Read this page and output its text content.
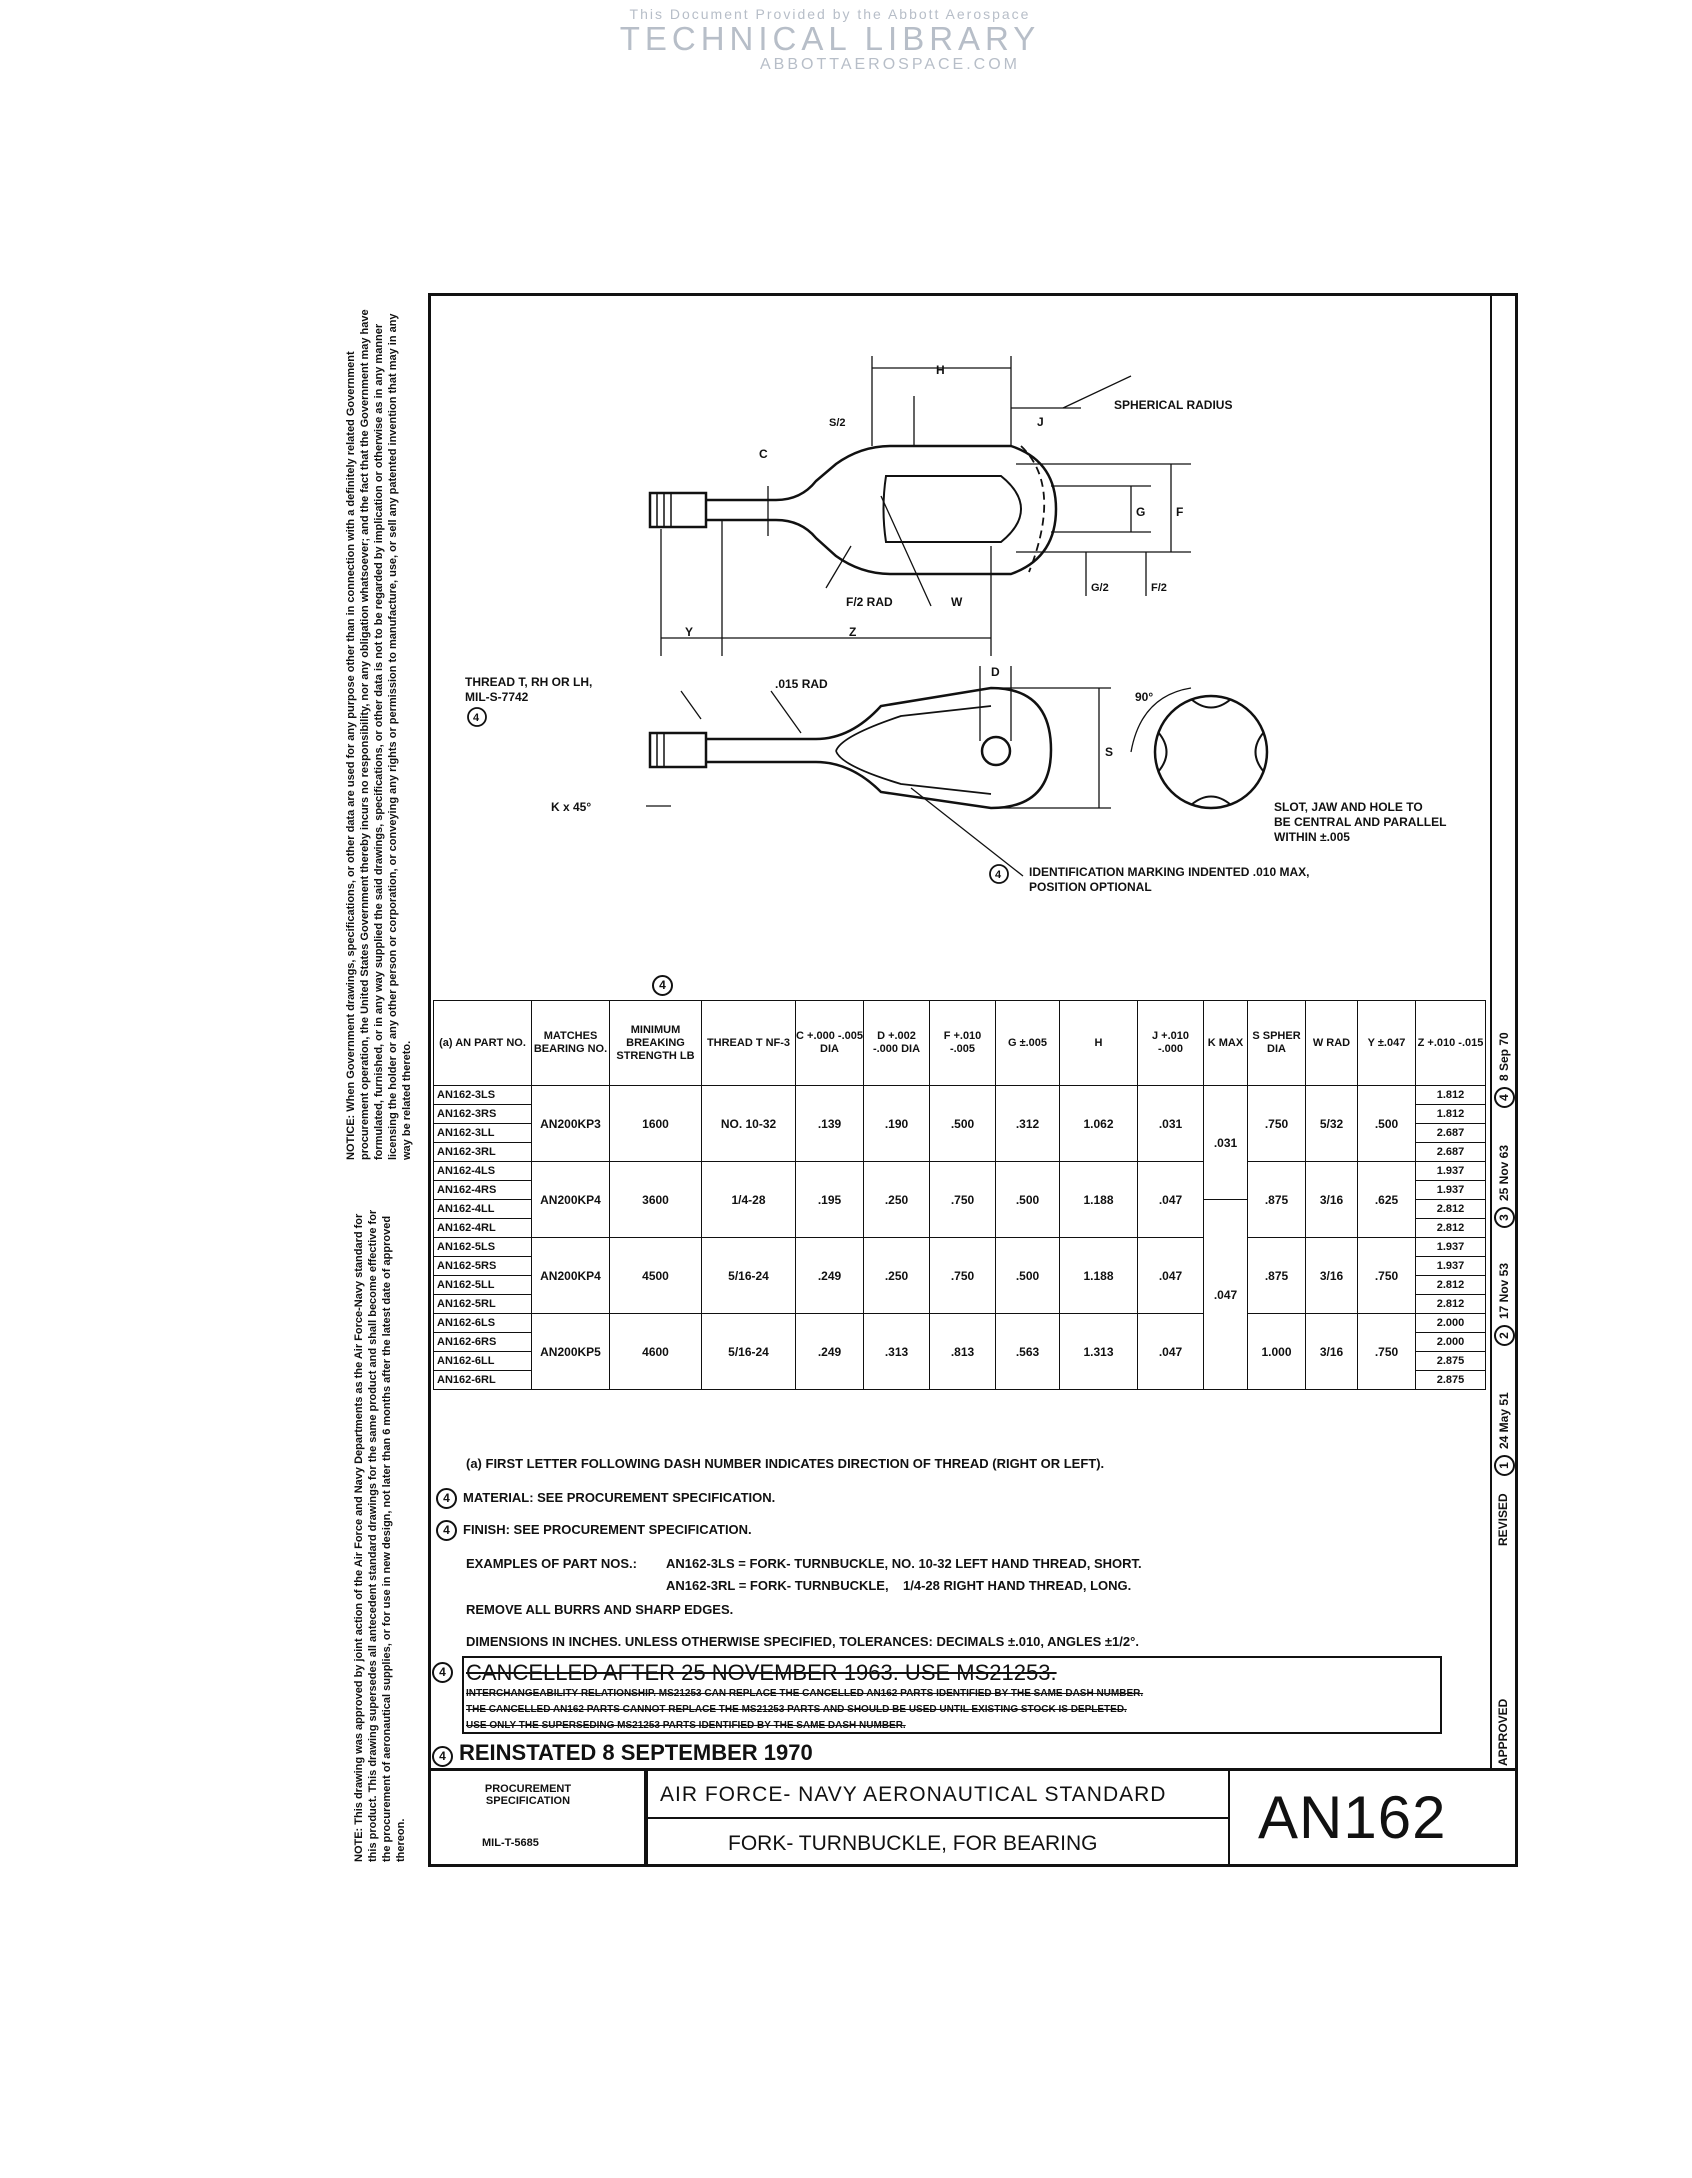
This Document Provided by the Abbott Aerospace
TECHNICAL LIBRARY
ABBOTTAEROSPACE.COM
NOTICE: When Government drawings, specifications, or other data are used for any purpose other than in connection with a definitely related Government procurement operation, the United States Government thereby incurs no responsibility, nor any obligation whatsoever; and the fact that the Government may have formulated, furnished, or in any way supplied the said drawings, specifications, or other data is not to be regarded by implication or otherwise as in any manner licensing the holder or any other person or corporation, or conveying any rights or permission to manufacture, use, or sell any patented invention that may in any way be related thereto.
NOTE: This drawing was approved by joint action of the Air Force and Navy Departments as the Air Force-Navy standard for this product. This drawing supersedes all antecedent standard drawings for the same product and shall become effective for the procurement of aeronautical supplies, or for use in new design, not later than 6 months after the latest date of approved thereon.
APPROVED
REVISED
124 May 51
217 Nov 53
325 Nov 63
48 Sep 70
H
S/2
SPHERICAL RADIUS
J
C
G	F
F/2 RAD	W
G/2	F/2
Y	Z
D
90°
S
THREAD T, RH OR LH,
MIL-S-7742
4
.015 RAD
K x 45°	SLOT, JAW AND HOLE TO
BE CENTRAL AND PARALLEL
WITHIN ±.005
4 IDENTIFICATION MARKING INDENTED .010 MAX,
POSITION OPTIONAL
4
(a) AN PART NO.	MATCHES BEARING NO.	MINIMUM BREAKING STRENGTH LB	THREAD T NF-3	C +.000 -.005 DIA	D +.002 -.000 DIA	F +.010 -.005	G ±.005	H	J +.010 -.000	K MAX	S SPHER DIA	W RAD	Y ±.047	Z +.010 -.015
AN162-3LS	AN200KP3	1600	NO. 10-32	.139	.190	.500	.312	1.062	.031	.031	.750	5/32	.500	1.812
AN162-3RS														1.812
AN162-3LL														2.687
AN162-3RL														2.687
AN162-4LS	AN200KP4	3600	1/4-28	.195	.250	.750	.500	1.188	.047		.875	3/16	.625	1.937
AN162-4RS														1.937
AN162-4LL										.047				2.812
AN162-4RL														2.812
AN162-5LS	AN200KP4	4500	5/16-24	.249	.250	.750	.500	1.188	.047		.875	3/16	.750	1.937
AN162-5RS														1.937
AN162-5LL														2.812
AN162-5RL														2.812
AN162-6LS	AN200KP5	4600	5/16-24	.249	.313	.813	.563	1.313	.047		1.000	3/16	.750	2.000
AN162-6RS														2.000
AN162-6LL														2.875
AN162-6RL														2.875
(a) FIRST LETTER FOLLOWING DASH NUMBER INDICATES DIRECTION OF THREAD (RIGHT OR LEFT).
4 MATERIAL: SEE PROCUREMENT SPECIFICATION.
4 FINISH: SEE PROCUREMENT SPECIFICATION.
EXAMPLES OF PART NOS.: AN162-3LS = FORK- TURNBUCKLE, NO. 10-32 LEFT HAND THREAD, SHORT.
AN162-3RL = FORK- TURNBUCKLE,    1/4-28 RIGHT HAND THREAD, LONG.
REMOVE ALL BURRS AND SHARP EDGES.
DIMENSIONS IN INCHES. UNLESS OTHERWISE SPECIFIED, TOLERANCES: DECIMALS ±.010, ANGLES ±1/2°.
4 CANCELLED AFTER 25 NOVEMBER 1963. USE MS21253.
INTERCHANGEABILITY RELATIONSHIP. MS21253 CAN REPLACE THE CANCELLED AN162 PARTS IDENTIFIED BY THE SAME DASH NUMBER.
THE CANCELLED AN162 PARTS CANNOT REPLACE THE MS21253 PARTS AND SHOULD BE USED UNTIL EXISTING STOCK IS DEPLETED.
USE ONLY THE SUPERSEDING MS21253 PARTS IDENTIFIED BY THE SAME DASH NUMBER.
4 REINSTATED 8 SEPTEMBER 1970
PROCUREMENT SPECIFICATION
MIL-T-5685
AIR FORCE- NAVY AERONAUTICAL STANDARD
FORK- TURNBUCKLE, FOR BEARING	AN162
